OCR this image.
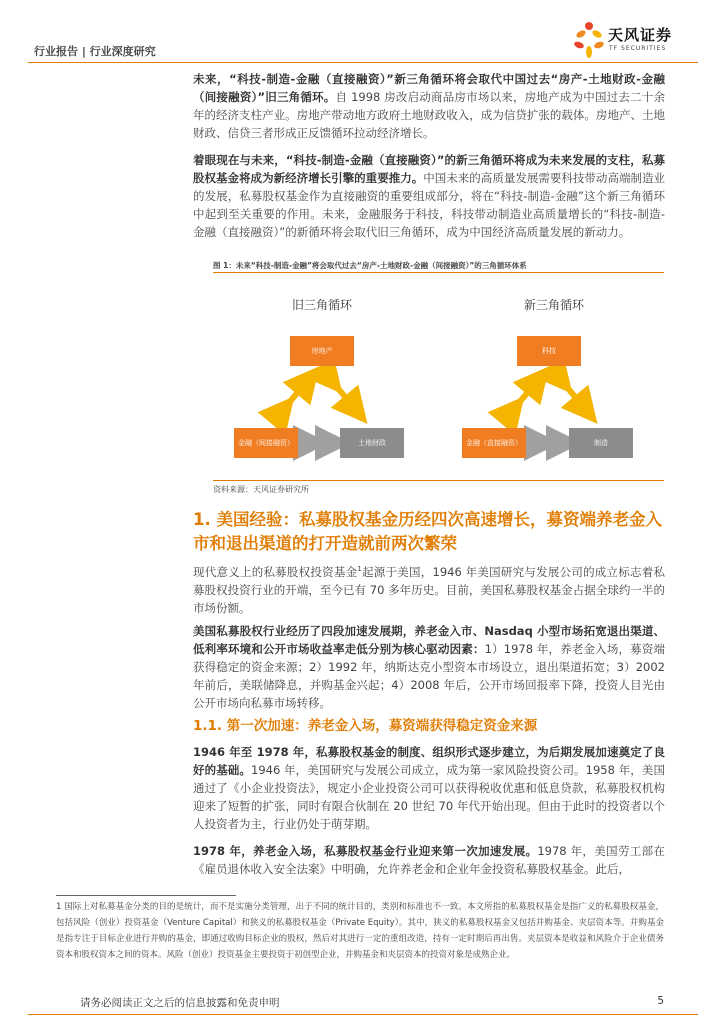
行业报告 | 行业深度研究
天风证券
TF SECURITIES
未来，“科技-制造-金融（直接融资）”新三角循环将会取代中国过去“房产-土地财政-金融（间接融资）”旧三角循环。自 1998 房改启动商品房市场以来，房地产成为中国过去二十余年的经济支柱产业。房地产带动地方政府土地财政收入，成为信贷扩张的载体。房地产、土地财政、信贷三者形成正反馈循环拉动经济增长。
着眼现在与未来，“科技-制造-金融（直接融资）”的新三角循环将成为未来发展的支柱，私募股权基金将成为新经济增长引擎的重要推力。中国未来的高质量发展需要科技带动高端制造业的发展，私募股权基金作为直接融资的重要组成部分，将在“科技-制造-金融”这个新三角循环中起到至关重要的作用。未来，金融服务于科技，科技带动制造业高质量增长的“科技-制造-金融（直接融资）”的新循环将会取代旧三角循环，成为中国经济高质量发展的新动力。
图 1：未来“科技-制造-金融”将会取代过去“房产-土地财政-金融（间接融资）”的三角循环体系
旧三角循环	新三角循环
房地产
金融（间接融资）	土地财政
科技
金融（直接融资）	制造
资料来源：天风证券研究所
1. 美国经验：私募股权基金历经四次高速增长，募资端养老金入市和退出渠道的打开造就前两次繁荣
现代意义上的私募股权投资基金$^1$起源于美国，1946 年美国研究与发展公司的成立标志着私募股权投资行业的开端，至今已有 70 多年历史。目前，美国私募股权基金占据全球约一半的市场份额。
美国私募股权行业经历了四段加速发展期，养老金入市、Nasdaq 小型市场拓宽退出渠道、低利率环境和公开市场收益率走低分别为核心驱动因素：1）1978 年，养老金入场，募资端获得稳定的资金来源；2）1992 年，纳斯达克小型资本市场设立，退出渠道拓宽；3）2002 年前后，美联储降息，并购基金兴起；4）2008 年后，公开市场回报率下降，投资人目光由公开市场向私募市场转移。
1.1. 第一次加速：养老金入场，募资端获得稳定资金来源
1946 年至 1978 年，私募股权基金的制度、组织形式逐步建立，为后期发展加速奠定了良好的基础。1946 年，美国研究与发展公司成立，成为第一家风险投资公司。1958 年，美国通过了《小企业投资法》，规定小企业投资公司可以获得税收优惠和低息贷款，私募股权机构迎来了短暂的扩张，同时有限合伙制在 20 世纪 70 年代开始出现。但由于此时的投资者以个人投资者为主，行业仍处于萌芽期。
1978 年，养老金入场，私募股权基金行业迎来第一次加速发展。1978 年，美国劳工部在《雇员退休收入安全法案》中明确，允许养老金和企业年金投资私募股权基金。此后，
1 国际上对私募基金分类的目的是统计，而不是实施分类管理，出于不同的统计目的，类别和标准也不一致。本文所指的私募股权基金是指广义的私募股权基金，包括风险（创业）投资基金（Venture Capital）和狭义的私募股权基金（Private Equity）。其中，狭义的私募股权基金又包括并购基金、夹层资本等。并购基金是指专注于目标企业进行并购的基金，即通过收购目标企业的股权，然后对其进行一定的重组改造，持有一定时期后再出售。夹层资本是收益和风险介于企业债务资本和股权资本之间的资本。风险（创业）投资基金主要投资于初创型企业，并购基金和夹层资本的投资对象是成熟企业。
请务必阅读正文之后的信息披露和免责申明	5
